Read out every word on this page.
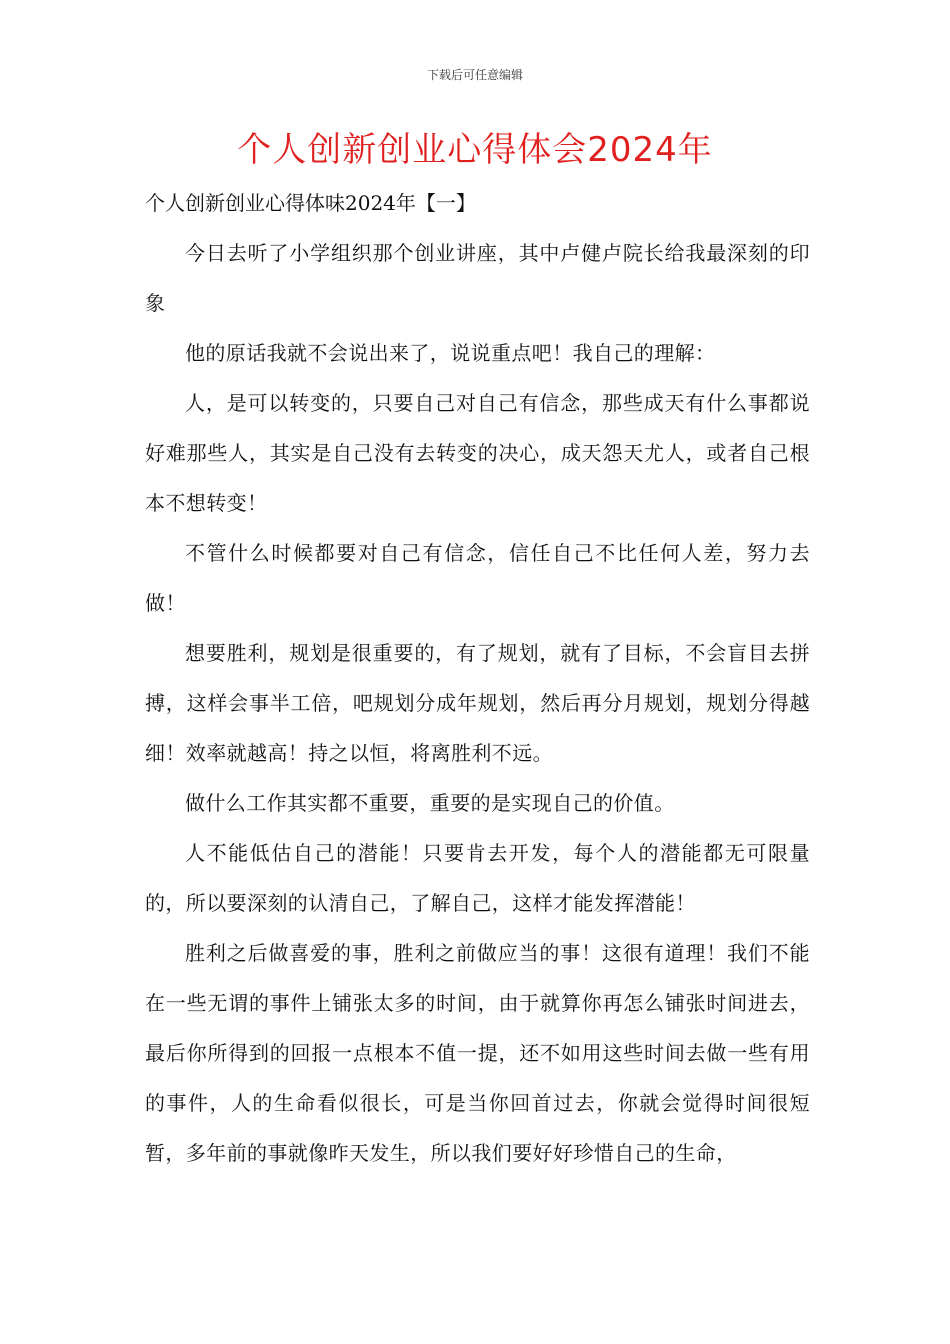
下载后可任意编辑
个人创新创业心得体会2024年

个人创新创业心得体味2024年【一】

今日去听了小学组织那个创业讲座，其中卢健卢院长给我最深刻的印象

他的原话我就不会说出来了，说说重点吧！我自己的理解：

人，是可以转变的，只要自己对自己有信念，那些成天有什么事都说好难那些人，其实是自己没有去转变的决心，成天怨天尤人，或者自己根本不想转变！

不管什么时候都要对自己有信念，信任自己不比任何人差，努力去做！

想要胜利，规划是很重要的，有了规划，就有了目标，不会盲目去拼搏，这样会事半工倍，吧规划分成年规划，然后再分月规划，规划分得越细！效率就越高！持之以恒，将离胜利不远。

做什么工作其实都不重要，重要的是实现自己的价值。

人不能低估自己的潜能！只要肯去开发，每个人的潜能都无可限量的，所以要深刻的认清自己，了解自己，这样才能发挥潜能！

胜利之后做喜爱的事，胜利之前做应当的事！这很有道理！我们不能在一些无谓的事件上铺张太多的时间，由于就算你再怎么铺张时间进去，最后你所得到的回报一点根本不值一提，还不如用这些时间去做一些有用的事件，人的生命看似很长，可是当你回首过去，你就会觉得时间很短暂，多年前的事就像昨天发生，所以我们要好好珍惜自己的生命，
